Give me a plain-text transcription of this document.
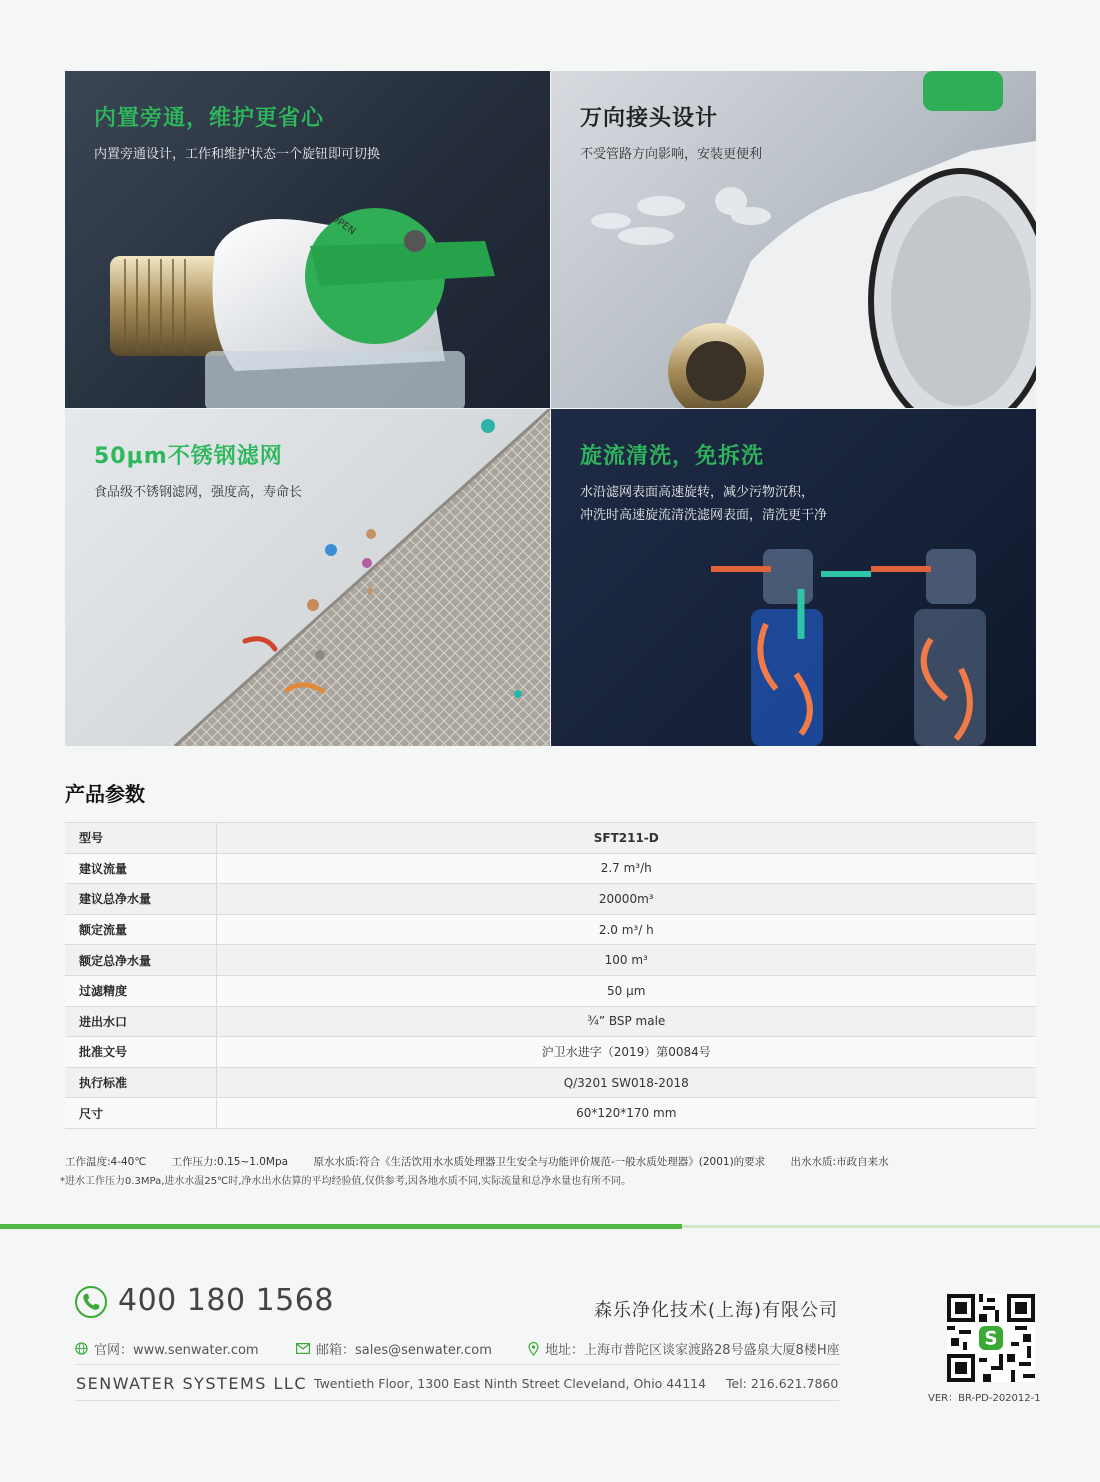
OPEN
内置旁通，维护更省心
内置旁通设计，工作和维护状态一个旋钮即可切换
万向接头设计
不受管路方向影响，安装更便利
50μm不锈钢滤网
食品级不锈钢滤网，强度高，寿命长
旋流清洗，免拆洗
水沿滤网表面高速旋转，减少污物沉积，
冲洗时高速旋流清洗滤网表面，清洗更干净
产品参数
型号	SFT211-D
建议流量	2.7 m³/h
建议总净水量	20000m³
额定流量	2.0 m³/ h
额定总净水量	100 m³
过滤精度	50 μm
进出水口	¾” BSP male
批准文号	沪卫水进字（2019）第0084号
执行标准	Q/3201 SW018-2018
尺寸	60*120*170 mm
工作温度:4-40℃ 工作压力:0.15~1.0Mpa 原水水质:符合《生活饮用水水质处理器卫生安全与功能评价规范-一般水质处理器》(2001)的要求 出水水质:市政自来水
*进水工作压力0.3MPa,进水水温25℃时,净水出水估算的平均经验值,仅供参考,因各地水质不同,实际流量和总净水量也有所不同。
400 180 1568	森乐净化技术(上海)有限公司
官网：www.senwater.com	邮箱：sales@senwater.com	地址：上海市普陀区谈家渡路28号盛泉大厦8楼H座
SENWATER SYSTEMS LLC Twentieth Floor, 1300 East Ninth Street Cleveland, Ohio 44114 Tel: 216.621.7860
S
VER：BR-PD-202012-1
